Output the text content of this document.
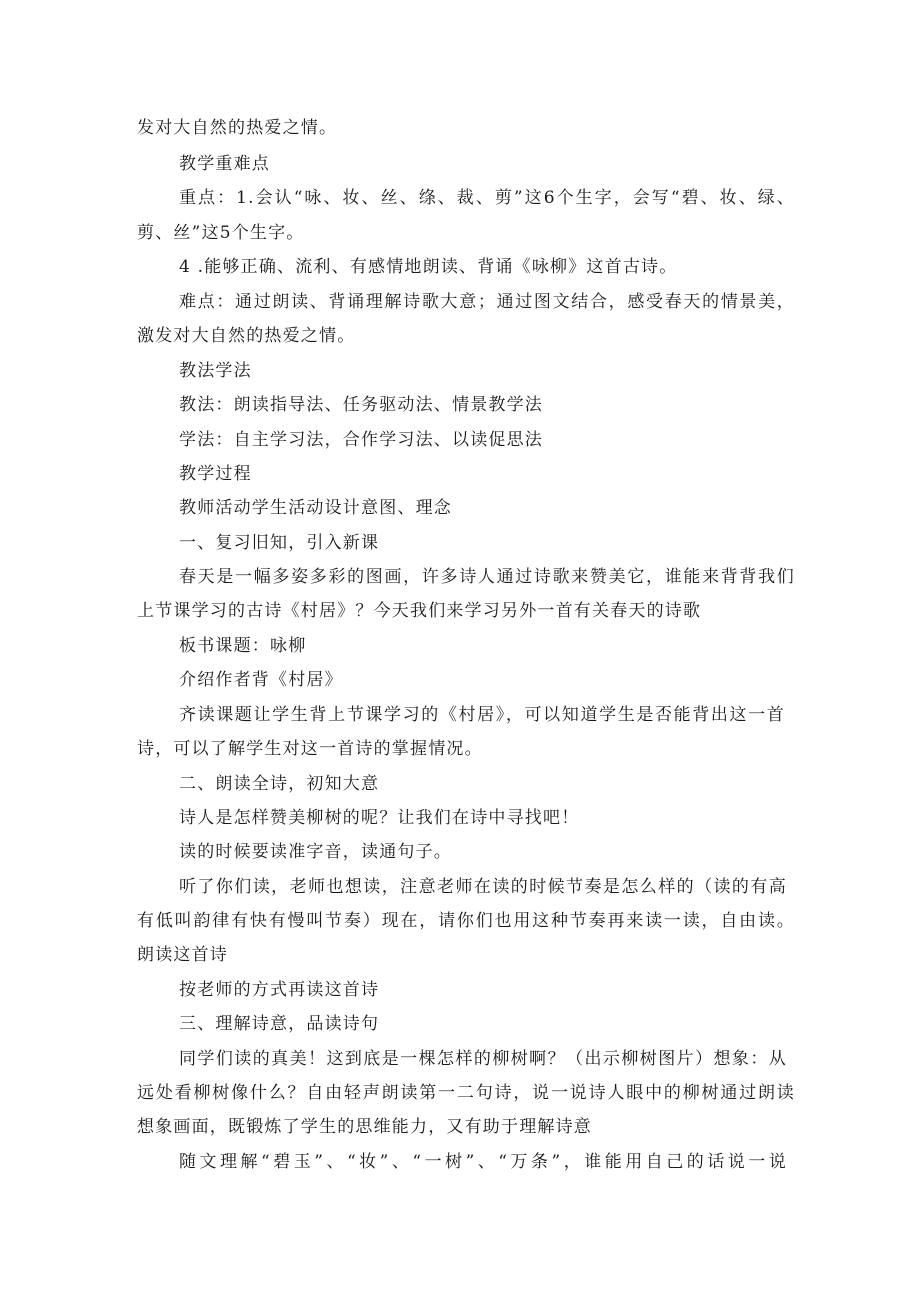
发对大自然的热爱之情。
教学重难点
重点：1.会认“咏、妆、丝、绦、裁、剪”这6个生字，会写“碧、妆、绿、
剪、丝”这5个生字。
4 .能够正确、流利、有感情地朗读、背诵《咏柳》这首古诗。
难点：通过朗读、背诵理解诗歌大意；通过图文结合，感受春天的情景美，
激发对大自然的热爱之情。
教法学法
教法：朗读指导法、任务驱动法、情景教学法
学法：自主学习法，合作学习法、以读促思法
教学过程
教师活动学生活动设计意图、理念
一、复习旧知，引入新课
春天是一幅多姿多彩的图画，许多诗人通过诗歌来赞美它，谁能来背背我们
上节课学习的古诗《村居》？今天我们来学习另外一首有关春天的诗歌
板书课题：咏柳
介绍作者背《村居》
齐读课题让学生背上节课学习的《村居》，可以知道学生是否能背出这一首
诗，可以了解学生对这一首诗的掌握情况。
二、朗读全诗，初知大意
诗人是怎样赞美柳树的呢？让我们在诗中寻找吧！
读的时候要读准字音，读通句子。
听了你们读，老师也想读，注意老师在读的时候节奏是怎么样的（读的有高
有低叫韵律有快有慢叫节奏）现在，请你们也用这种节奏再来读一读，自由读。
朗读这首诗
按老师的方式再读这首诗
三、理解诗意，品读诗句
同学们读的真美！这到底是一棵怎样的柳树啊？（出示柳树图片）想象：从
远处看柳树像什么？自由轻声朗读第一二句诗，说一说诗人眼中的柳树通过朗读
想象画面，既锻炼了学生的思维能力，又有助于理解诗意
随文理解“碧玉”、“妆”、“一树”、“万条”，谁能用自己的话说一说
